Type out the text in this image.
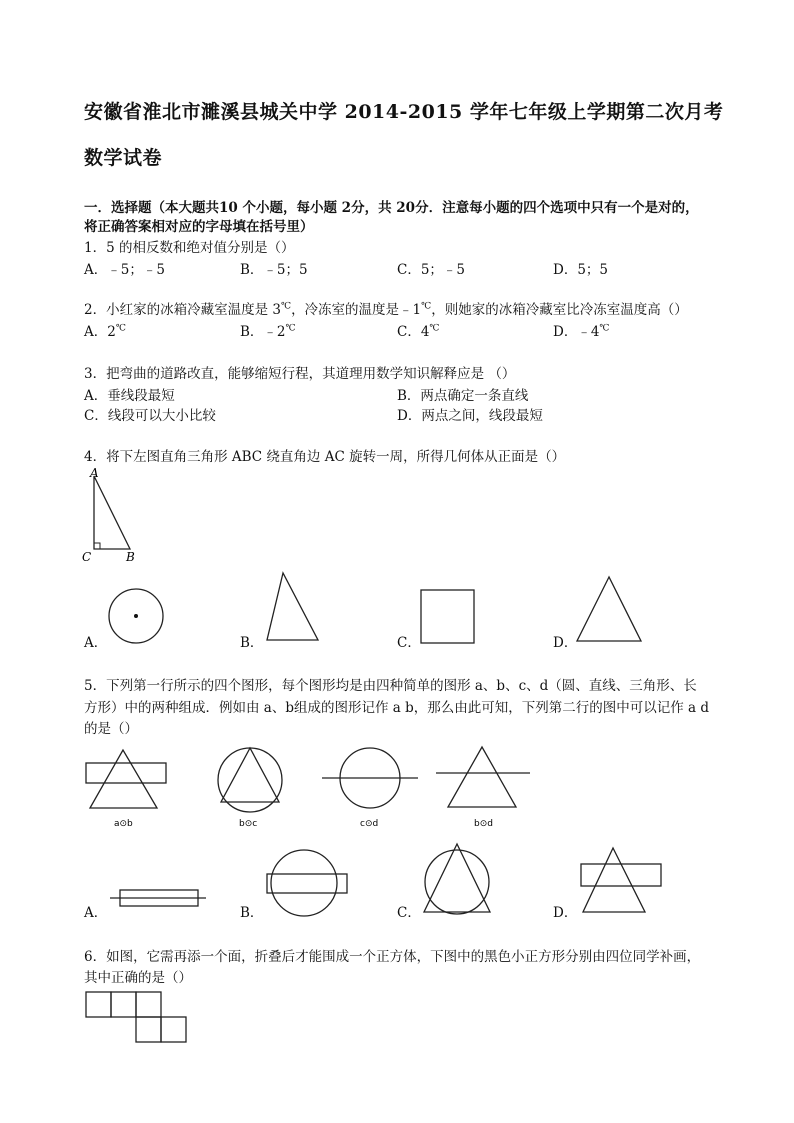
安徽省淮北市濉溪县城关中学 2014-2015 学年七年级上学期第二次月考
数学试卷
一．选择题（本大题共10 个小题，每小题 2分，共 20分．注意每小题的四个选项中只有一个是对的，
将正确答案相对应的字母填在括号里）
1．5 的相反数和绝对值分别是（）
A．﹣5；﹣5	B．﹣5；5	C．5；﹣5	D．5；5
2．小红家的冰箱冷藏室温度是 3℃，冷冻室的温度是﹣1℃，则她家的冰箱冷藏室比冷冻室温度高（）
A．2℃	B．﹣2℃	C．4℃	D．﹣4℃
3．把弯曲的道路改直，能够缩短行程，其道理用数学知识解释应是 （）
A．垂线段最短	B．两点确定一条直线
C．线段可以大小比较	D．两点之间，线段最短
4．将下左图直角三角形 ABC 绕直角边 AC 旋转一周，所得几何体从正面是（）
A
C	B
A．	B．	C．	D．
5．下列第一行所示的四个图形，每个图形均是由四种简单的图形 a、b、c、d（圆、直线、三角形、长
方形）中的两种组成．例如由 a、b组成的图形记作 a b，那么由此可知，下列第二行的图中可以记作 a d
的是（）
a⊙b	b⊙c	c⊙d	b⊙d
A．	B．	C．	D．
6．如图，它需再添一个面，折叠后才能围成一个正方体，下图中的黑色小正方形分别由四位同学补画，
其中正确的是（）
